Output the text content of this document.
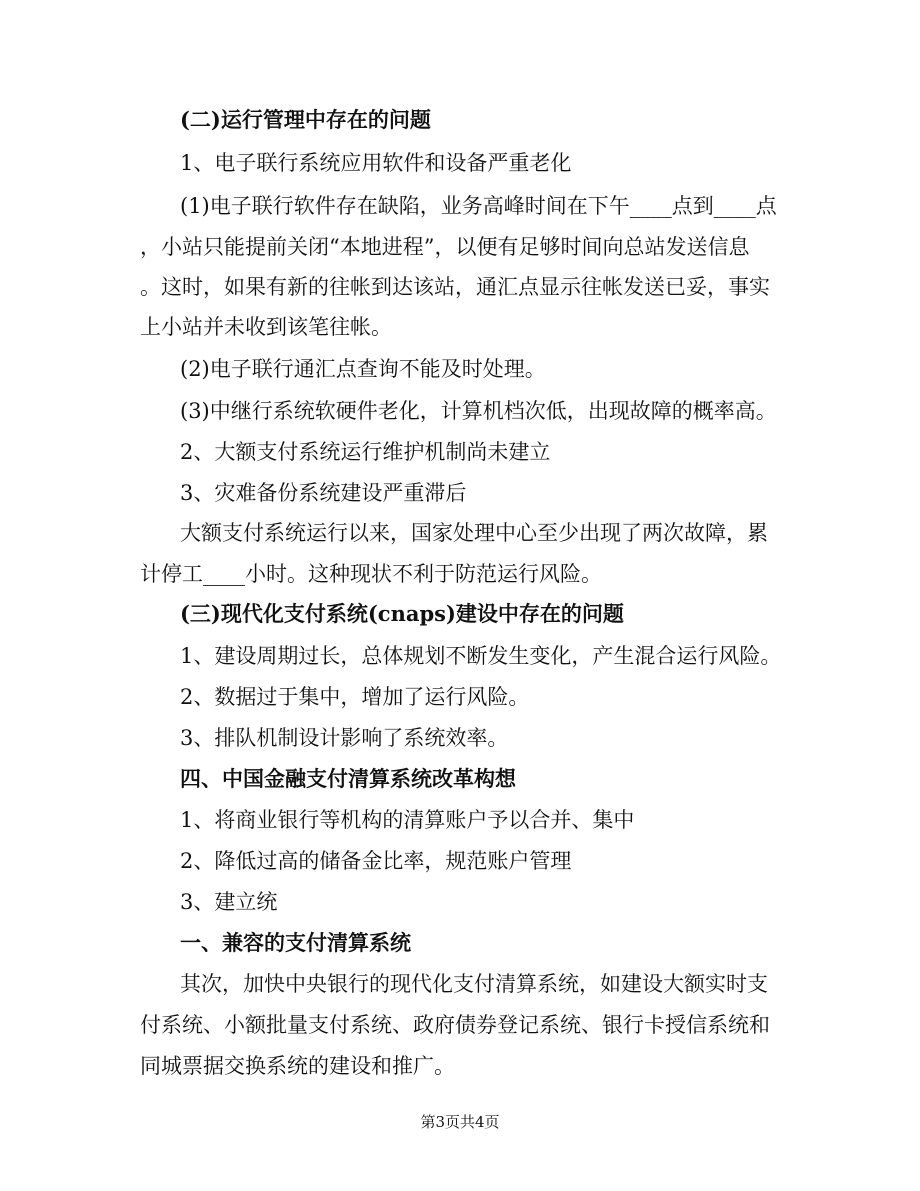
(二)运行管理中存在的问题
1、电子联行系统应用软件和设备严重老化
(1)电子联行软件存在缺陷，业务高峰时间在下午____点到____点
，小站只能提前关闭“本地进程”，以便有足够时间向总站发送信息
。这时，如果有新的往帐到达该站，通汇点显示往帐发送已妥，事实
上小站并未收到该笔往帐。
(2)电子联行通汇点查询不能及时处理。
(3)中继行系统软硬件老化，计算机档次低，出现故障的概率高。
2、大额支付系统运行维护机制尚未建立
3、灾难备份系统建设严重滞后
大额支付系统运行以来，国家处理中心至少出现了两次故障，累
计停工____小时。这种现状不利于防范运行风险。
(三)现代化支付系统(cnaps)建设中存在的问题
1、建设周期过长，总体规划不断发生变化，产生混合运行风险。
2、数据过于集中，增加了运行风险。
3、排队机制设计影响了系统效率。
四、中国金融支付清算系统改革构想
1、将商业银行等机构的清算账户予以合并、集中
2、降低过高的储备金比率，规范账户管理
3、建立统
一、兼容的支付清算系统
其次，加快中央银行的现代化支付清算系统，如建设大额实时支
付系统、小额批量支付系统、政府债券登记系统、银行卡授信系统和
同城票据交换系统的建设和推广。
第3页共4页
